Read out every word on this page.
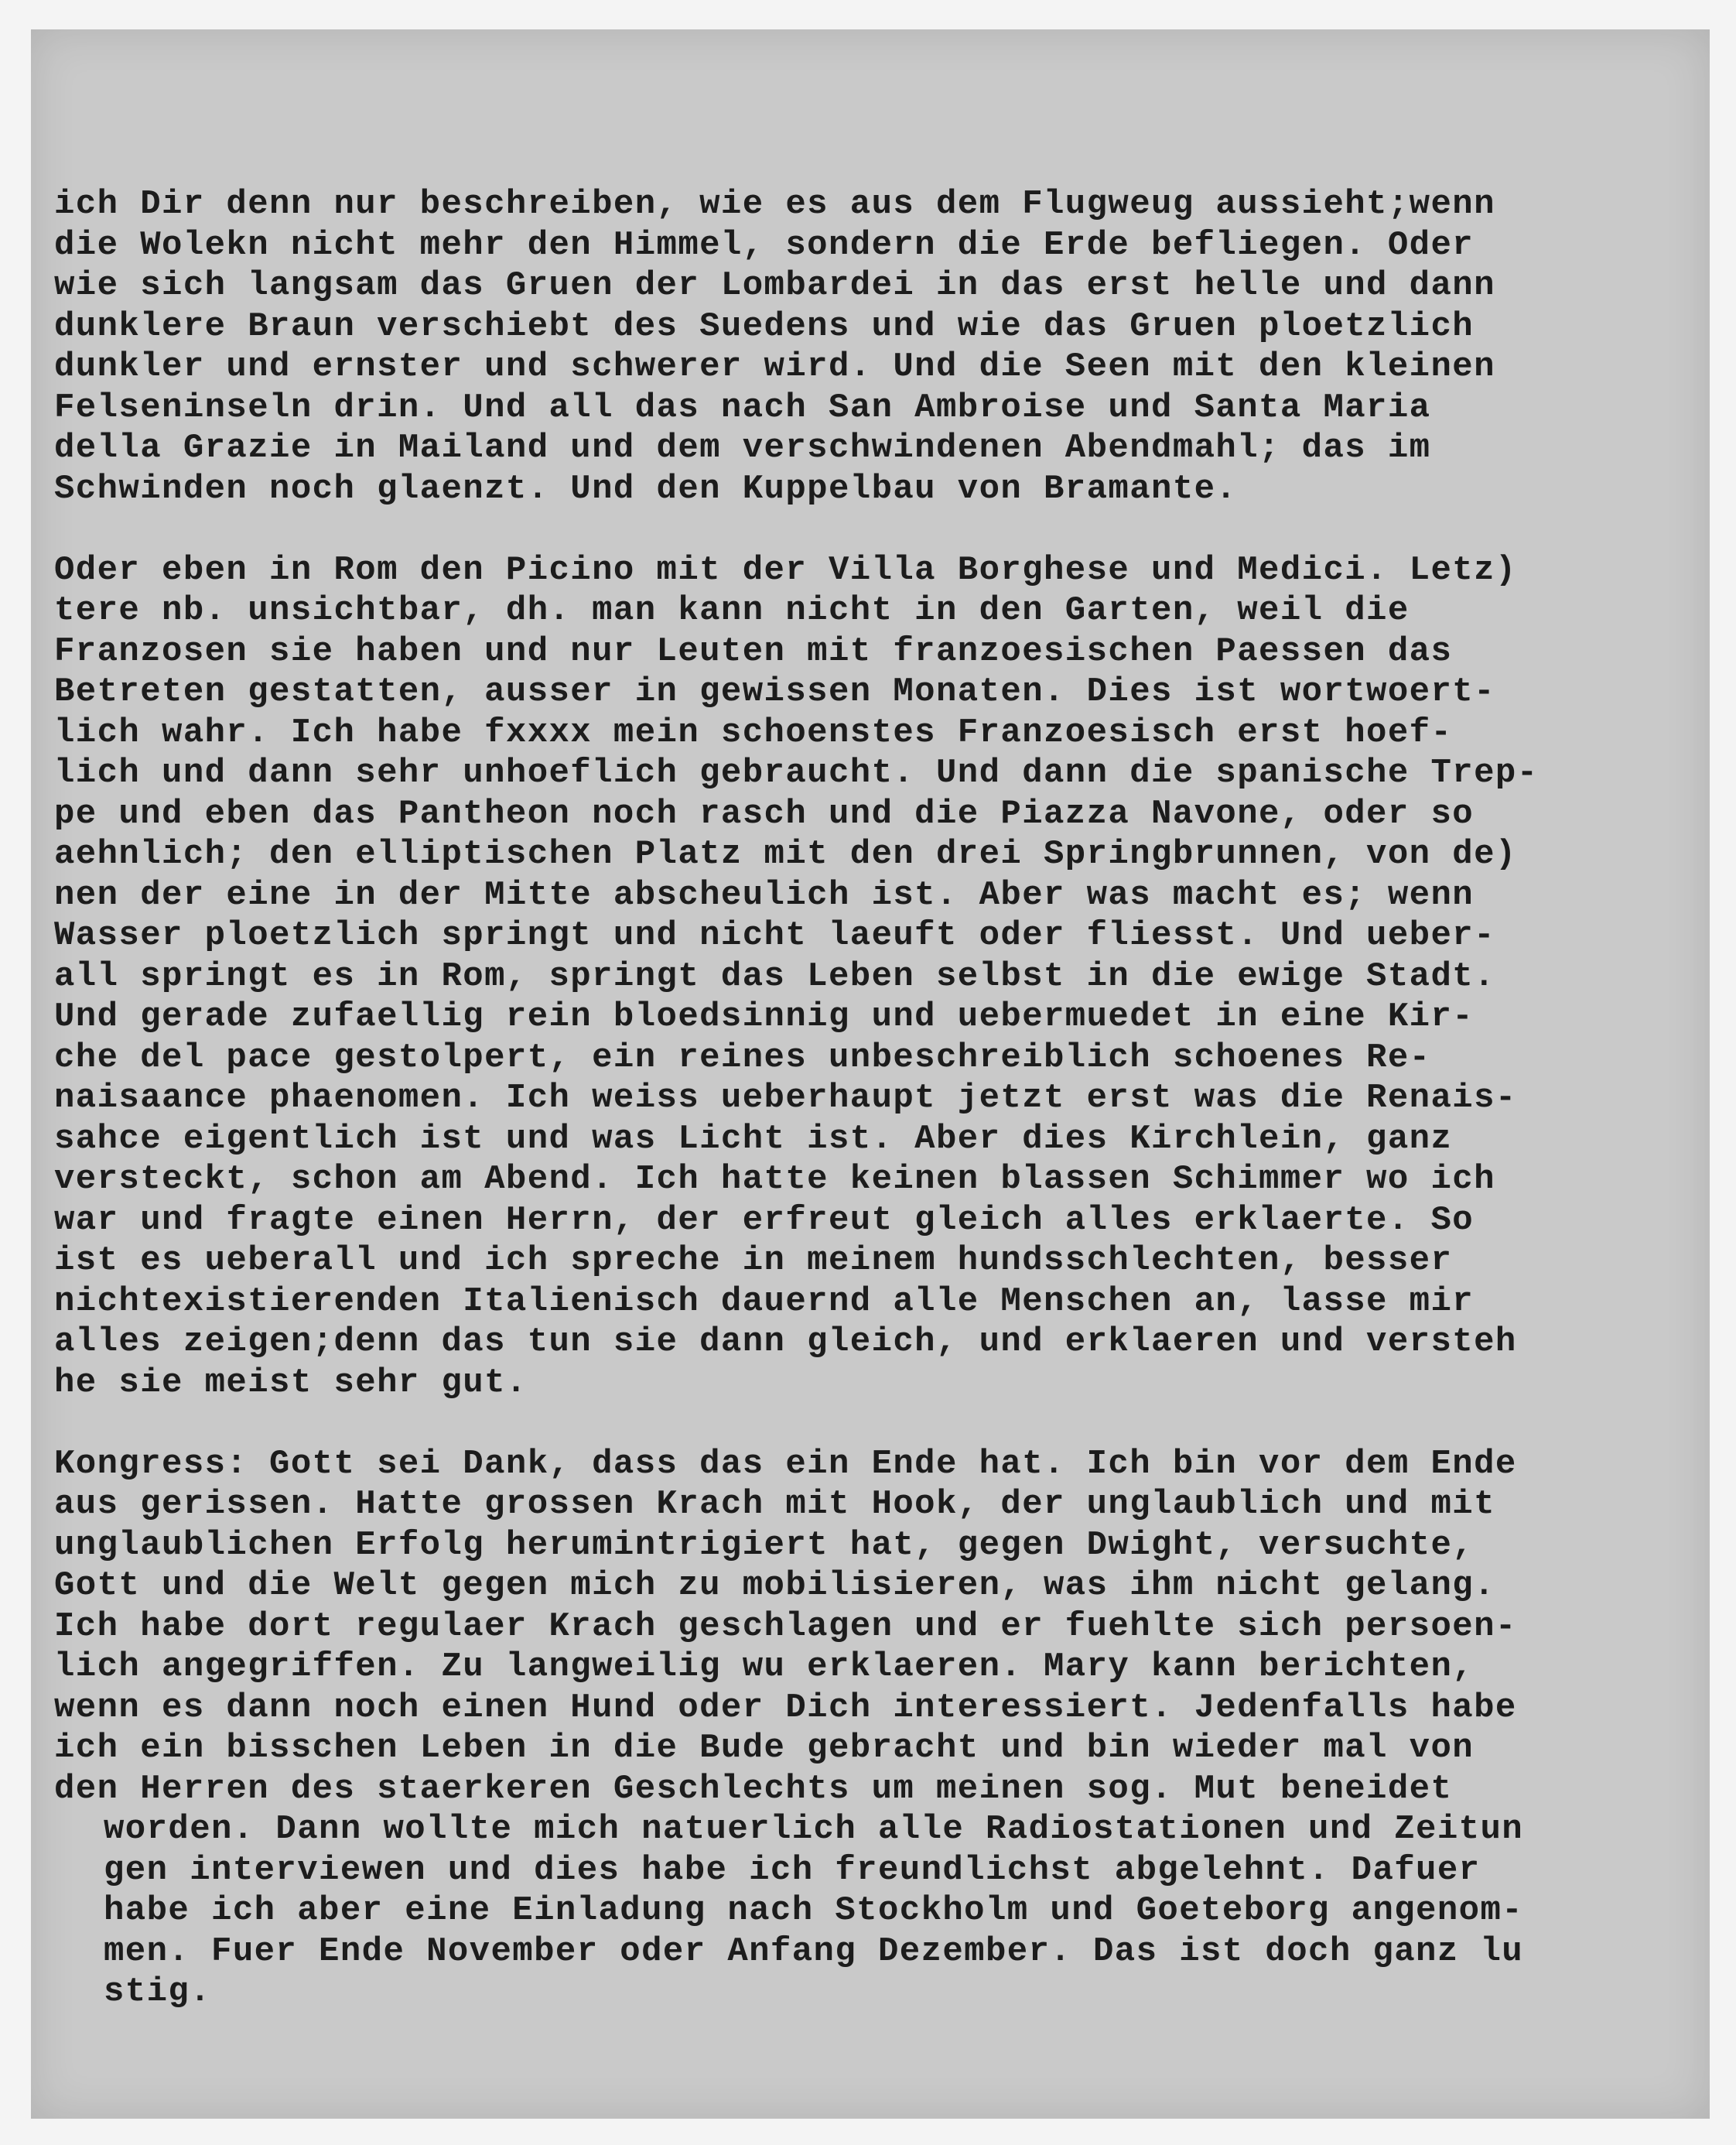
ich Dir denn nur beschreiben, wie es aus dem Flugweug aussieht;wenn
die Wolekn nicht mehr den Himmel, sondern die Erde befliegen. Oder
wie sich langsam das Gruen der Lombardei in das erst helle und dann
dunklere Braun verschiebt des Suedens und wie das Gruen ploetzlich
dunkler und ernster und schwerer wird. Und die Seen mit den kleinen
Felseninseln drin. Und all das nach San Ambroise und Santa Maria
della Grazie in Mailand und dem verschwindenen Abendmahl; das im
Schwinden noch glaenzt. Und den Kuppelbau von Bramante.
Oder eben in Rom den Picino mit der Villa Borghese und Medici. Letz)
tere nb. unsichtbar, dh. man kann nicht in den Garten, weil die
Franzosen sie haben und nur Leuten mit franzoesischen Paessen das
Betreten gestatten, ausser in gewissen Monaten. Dies ist wortwoert-
lich wahr. Ich habe fxxxx mein schoenstes Franzoesisch erst hoef-
lich und dann sehr unhoeflich gebraucht. Und dann die spanische Trep-
pe und eben das Pantheon noch rasch und die Piazza Navone, oder so
aehnlich; den elliptischen Platz mit den drei Springbrunnen, von de)
nen der eine in der Mitte abscheulich ist. Aber was macht es; wenn
Wasser ploetzlich springt und nicht laeuft oder fliesst. Und ueber-
all springt es in Rom, springt das Leben selbst in die ewige Stadt.
Und gerade zufaellig rein bloedsinnig und uebermuedet in eine Kir-
che del pace gestolpert, ein reines unbeschreiblich schoenes Re-
naisaance phaenomen. Ich weiss ueberhaupt jetzt erst was die Renais-
sahce eigentlich ist und was Licht ist. Aber dies Kirchlein, ganz
versteckt, schon am Abend. Ich hatte keinen blassen Schimmer wo ich
war und fragte einen Herrn, der erfreut gleich alles erklaerte. So
ist es ueberall und ich spreche in meinem hundsschlechten, besser
nichtexistierenden Italienisch dauernd alle Menschen an, lasse mir
alles zeigen;denn das tun sie dann gleich, und erklaeren und versteh
he sie meist sehr gut.
Kongress: Gott sei Dank, dass das ein Ende hat. Ich bin vor dem Ende
aus gerissen. Hatte grossen Krach mit Hook, der unglaublich und mit
unglaublichen Erfolg herumintrigiert hat, gegen Dwight, versuchte,
Gott und die Welt gegen mich zu mobilisieren, was ihm nicht gelang.
Ich habe dort regulaer Krach geschlagen und er fuehlte sich persoen-
lich angegriffen. Zu langweilig wu erklaeren. Mary kann berichten,
wenn es dann noch einen Hund oder Dich interessiert. Jedenfalls habe
ich ein bisschen Leben in die Bude gebracht und bin wieder mal von
den Herren des staerkeren Geschlechts um meinen sog. Mut beneidet
worden. Dann wollte mich natuerlich alle Radiostationen und Zeitun
gen interviewen und dies habe ich freundlichst abgelehnt. Dafuer
habe ich aber eine Einladung nach Stockholm und Goeteborg angenom-
men. Fuer Ende November oder Anfang Dezember. Das ist doch ganz lu
stig.
